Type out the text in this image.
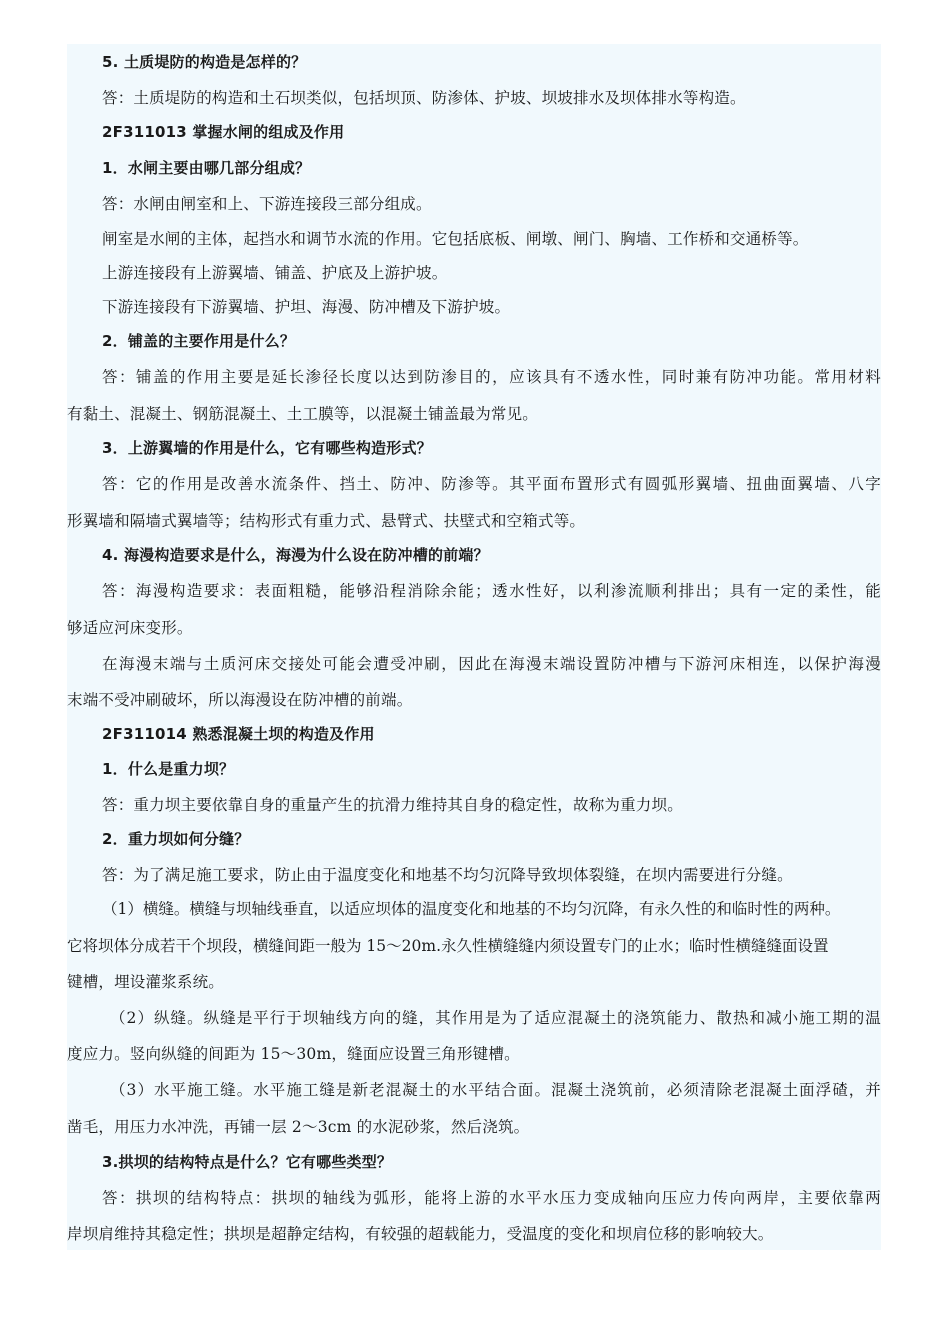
5. 土质堤防的构造是怎样的？
答：土质堤防的构造和土石坝类似，包括坝顶、防渗体、护坡、坝坡排水及坝体排水等构造。
2F311013 掌握水闸的组成及作用
1．水闸主要由哪几部分组成？
答：水闸由闸室和上、下游连接段三部分组成。
闸室是水闸的主体，起挡水和调节水流的作用。它包括底板、闸墩、闸门、胸墙、工作桥和交通桥等。
上游连接段有上游翼墙、铺盖、护底及上游护坡。
下游连接段有下游翼墙、护坦、海漫、防冲槽及下游护坡。
2．铺盖的主要作用是什么？
答：铺盖的作用主要是延长渗径长度以达到防渗目的，应该具有不透水性，同时兼有防冲功能。常用材料
有黏土、混凝土、钢筋混凝土、土工膜等，以混凝土铺盖最为常见。
3．上游翼墙的作用是什么，它有哪些构造形式？
答：它的作用是改善水流条件、挡土、防冲、防渗等。其平面布置形式有圆弧形翼墙、扭曲面翼墙、八字
形翼墙和隔墙式翼墙等；结构形式有重力式、悬臂式、扶壁式和空箱式等。
4. 海漫构造要求是什么，海漫为什么设在防冲槽的前端？
答：海漫构造要求：表面粗糙，能够沿程消除余能；透水性好，以利渗流顺利排出；具有一定的柔性，能
够适应河床变形。
在海漫末端与土质河床交接处可能会遭受冲刷，因此在海漫末端设置防冲槽与下游河床相连，以保护海漫
末端不受冲刷破坏，所以海漫设在防冲槽的前端。
2F311014 熟悉混凝土坝的构造及作用
1．什么是重力坝？
答：重力坝主要依靠自身的重量产生的抗滑力维持其自身的稳定性，故称为重力坝。
2．重力坝如何分缝？
答：为了满足施工要求，防止由于温度变化和地基不均匀沉降导致坝体裂缝，在坝内需要进行分缝。
（1）横缝。横缝与坝轴线垂直，以适应坝体的温度变化和地基的不均匀沉降，有永久性的和临时性的两种。
它将坝体分成若干个坝段，横缝间距一般为 15～20m.永久性横缝缝内须设置专门的止水；临时性横缝缝面设置
键槽，埋设灌浆系统。
（2）纵缝。纵缝是平行于坝轴线方向的缝，其作用是为了适应混凝土的浇筑能力、散热和减小施工期的温
度应力。竖向纵缝的间距为 15～30m，缝面应设置三角形键槽。
（3）水平施工缝。水平施工缝是新老混凝土的水平结合面。混凝土浇筑前，必须清除老混凝土面浮碴，并
凿毛，用压力水冲洗，再铺一层 2～3cm 的水泥砂浆，然后浇筑。
3.拱坝的结构特点是什么？它有哪些类型？
答：拱坝的结构特点：拱坝的轴线为弧形，能将上游的水平水压力变成轴向压应力传向两岸，主要依靠两
岸坝肩维持其稳定性；拱坝是超静定结构，有较强的超载能力，受温度的变化和坝肩位移的影响较大。
